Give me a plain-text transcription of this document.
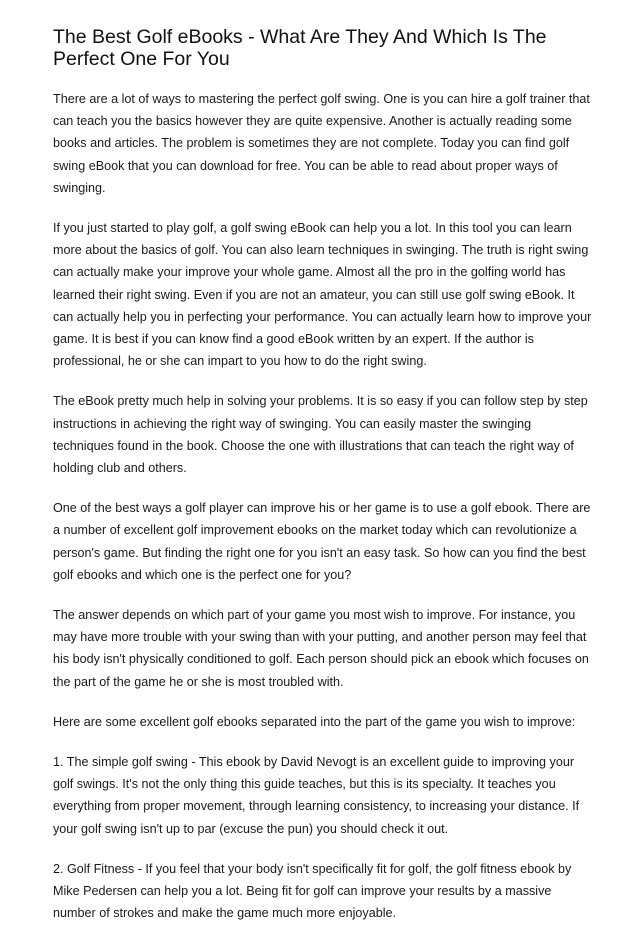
The Best Golf eBooks - What Are They And Which Is The Perfect One For You

There are a lot of ways to mastering the perfect golf swing. One is you can hire a golf trainer that can teach you the basics however they are quite expensive. Another is actually reading some books and articles. The problem is sometimes they are not complete. Today you can find golf swing eBook that you can download for free. You can be able to read about proper ways of swinging.

If you just started to play golf, a golf swing eBook can help you a lot. In this tool you can learn more about the basics of golf. You can also learn techniques in swinging. The truth is right swing can actually make your improve your whole game. Almost all the pro in the golfing world has learned their right swing. Even if you are not an amateur, you can still use golf swing eBook. It can actually help you in perfecting your performance. You can actually learn how to improve your game. It is best if you can know find a good eBook written by an expert. If the author is professional, he or she can impart to you how to do the right swing.

The eBook pretty much help in solving your problems. It is so easy if you can follow step by step instructions in achieving the right way of swinging. You can easily master the swinging techniques found in the book. Choose the one with illustrations that can teach the right way of holding club and others.

One of the best ways a golf player can improve his or her game is to use a golf ebook. There are a number of excellent golf improvement ebooks on the market today which can revolutionize a person's game. But finding the right one for you isn't an easy task. So how can you find the best golf ebooks and which one is the perfect one for you?

The answer depends on which part of your game you most wish to improve. For instance, you may have more trouble with your swing than with your putting, and another person may feel that his body isn't physically conditioned to golf. Each person should pick an ebook which focuses on the part of the game he or she is most troubled with.

Here are some excellent golf ebooks separated into the part of the game you wish to improve:

1. The simple golf swing - This ebook by David Nevogt is an excellent guide to improving your golf swings. It's not the only thing this guide teaches, but this is its specialty. It teaches you everything from proper movement, through learning consistency, to increasing your distance. If your golf swing isn't up to par (excuse the pun) you should check it out.

2. Golf Fitness - If you feel that your body isn't specifically fit for golf, the golf fitness ebook by Mike Pedersen can help you a lot. Being fit for golf can improve your results by a massive number of strokes and make the game much more enjoyable.
